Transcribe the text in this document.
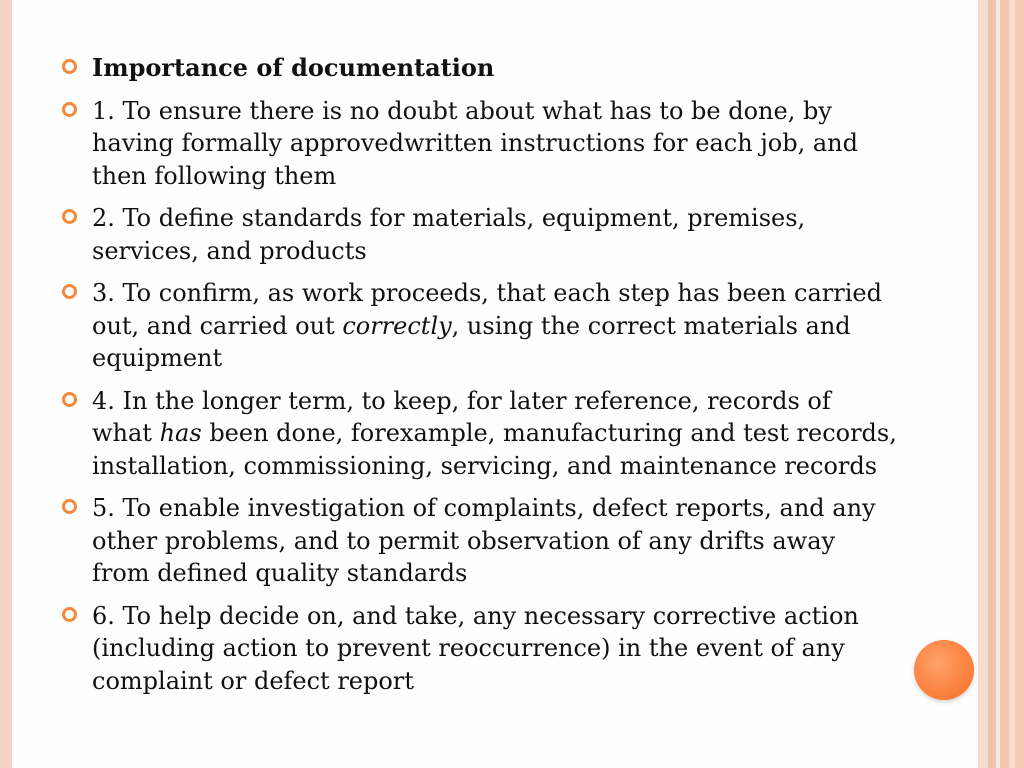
Importance of documentation
1. To ensure there is no doubt about what has to be done, by having formally approvedwritten instructions for each job, and then following them
2. To define standards for materials, equipment, premises, services, and products
3. To confirm, as work proceeds, that each step has been carried out, and carried out correctly, using the correct materials and equipment
4. In the longer term, to keep, for later reference, records of what has been done, forexample, manufacturing and test records, installation, commissioning, servicing, and maintenance records
5. To enable investigation of complaints, defect reports, and any other problems, and to permit observation of any drifts away from defined quality standards
6. To help decide on, and take, any necessary corrective action (including action to prevent reoccurrence) in the event of any complaint or defect report
